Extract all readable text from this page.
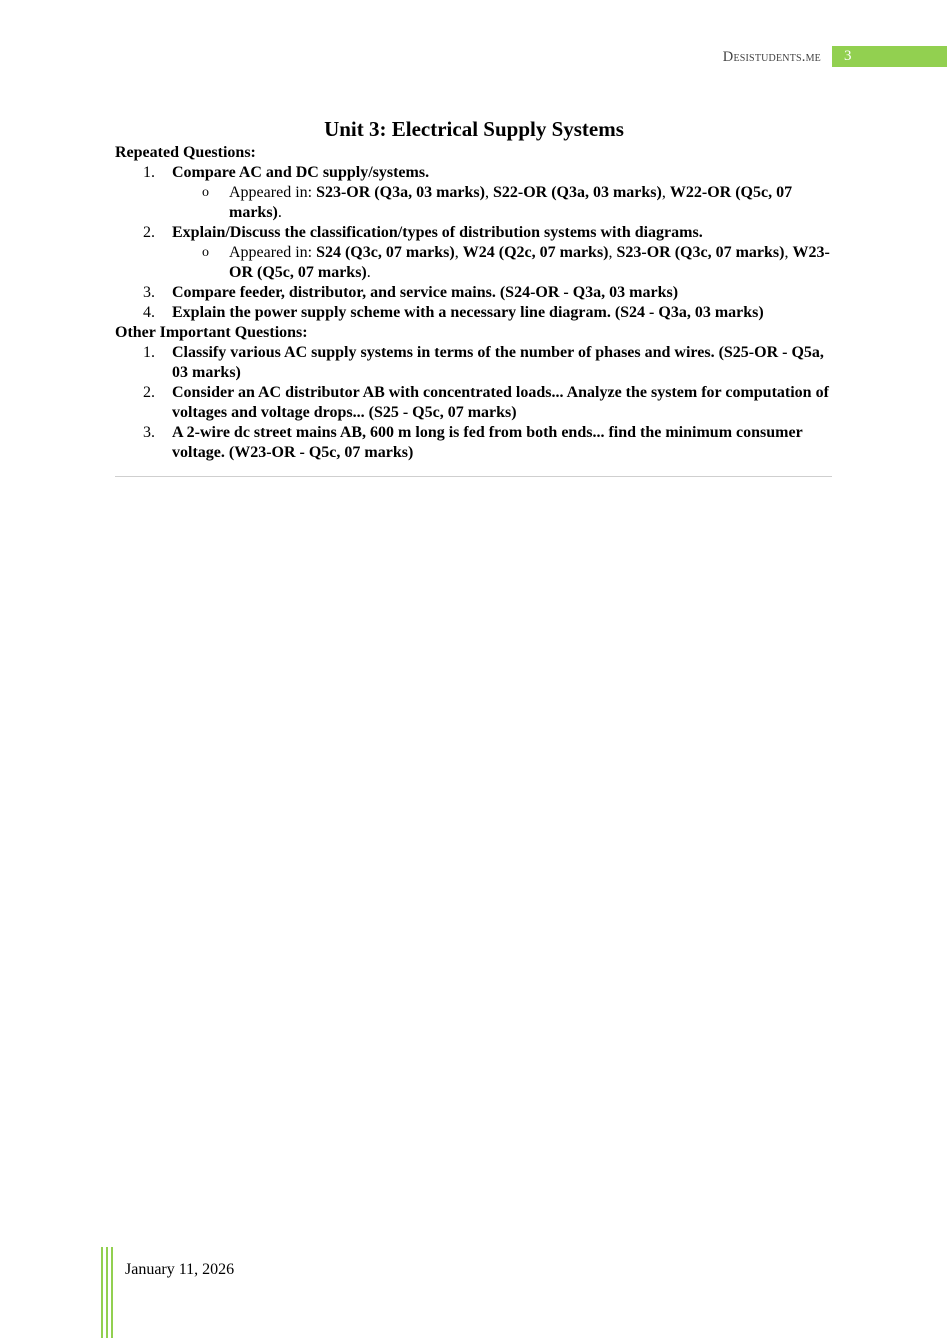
Desistudents.me	3
Unit 3: Electrical Supply Systems
Repeated Questions:
1. Compare AC and DC supply/systems.
o Appeared in: S23-OR (Q3a, 03 marks), S22-OR (Q3a, 03 marks), W22-OR (Q5c, 07 marks).
2. Explain/Discuss the classification/types of distribution systems with diagrams.
o Appeared in: S24 (Q3c, 07 marks), W24 (Q2c, 07 marks), S23-OR (Q3c, 07 marks), W23-OR (Q5c, 07 marks).
3. Compare feeder, distributor, and service mains. (S24-OR - Q3a, 03 marks)
4. Explain the power supply scheme with a necessary line diagram. (S24 - Q3a, 03 marks)
Other Important Questions:
1. Classify various AC supply systems in terms of the number of phases and wires. (S25-OR - Q5a, 03 marks)
2. Consider an AC distributor AB with concentrated loads... Analyze the system for computation of voltages and voltage drops... (S25 - Q5c, 07 marks)
3. A 2-wire dc street mains AB, 600 m long is fed from both ends... find the minimum consumer voltage. (W23-OR - Q5c, 07 marks)
January 11, 2026
